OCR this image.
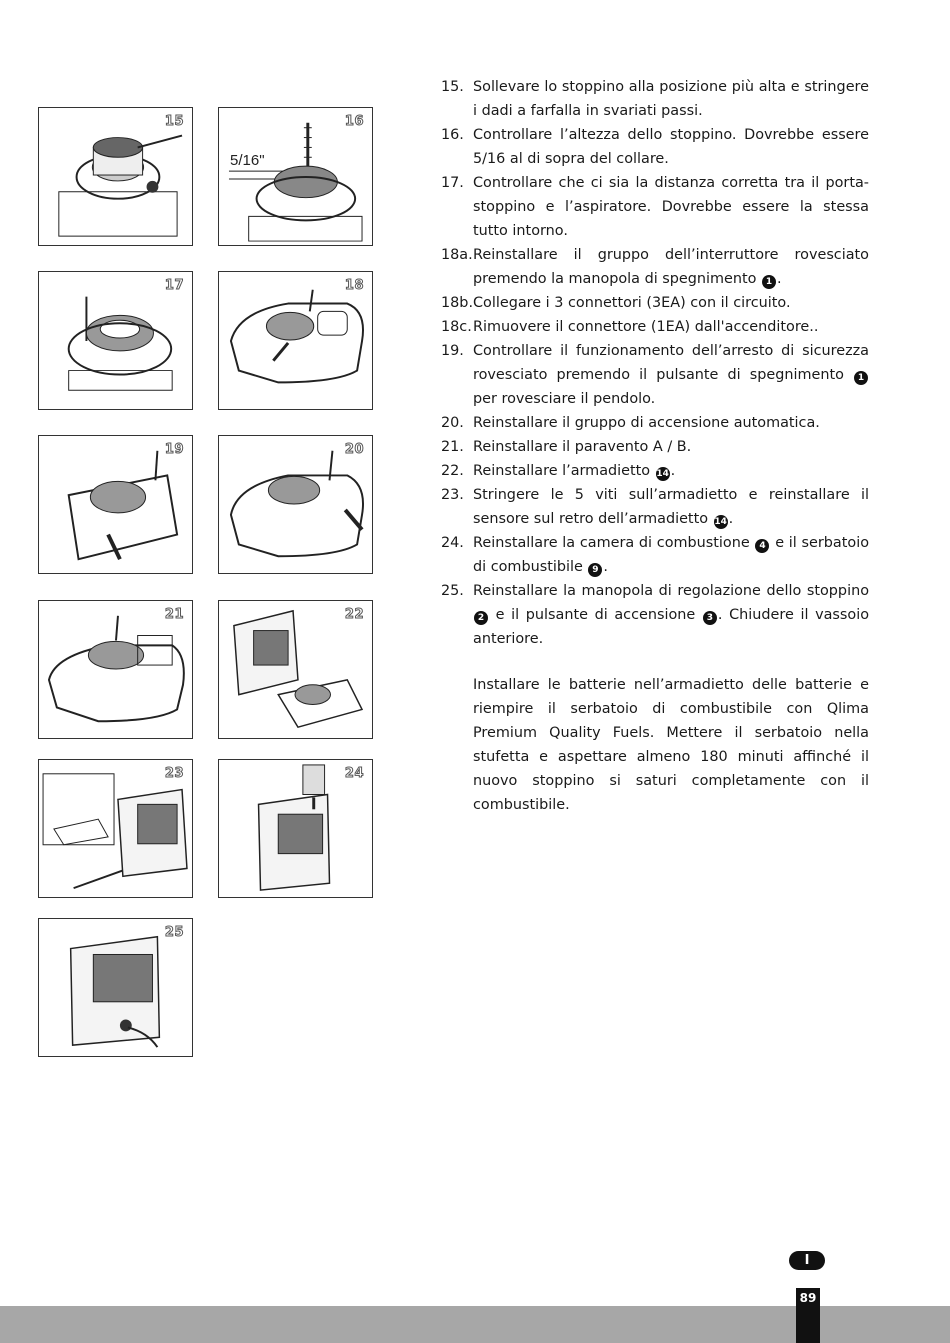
15
5/16"
16
17	18
19	20
21	22
23	24
25
15. Sollevare lo stoppino alla posizione più alta e stringere i dadi a farfalla in svariati passi.
16. Controllare l’altezza dello stoppino. Dovrebbe essere 5/16 al di sopra del collare.
17. Controllare che ci sia la distanza corretta tra il porta-stoppino e l’aspiratore. Dovrebbe essere la stessa tutto intorno.
18a. Reinstallare il gruppo dell’interruttore rovesciato premendo la manopola di spegnimento 1 .
18b. Collegare i 3 connettori (3EA) con il circuito.
18c. Rimuovere il connettore (1EA) dall'accenditore..
19. Controllare il funzionamento dell’arresto di sicurezza rovesciato premendo il pulsante di spegnimento 1 per rovesciare il pendolo.
20. Reinstallare il gruppo di accensione automatica.
21. Reinstallare il paravento A / B.
22. Reinstallare l’armadietto 14 .
23. Stringere le 5 viti sull’armadietto e reinstallare il sensore sul retro dell’armadietto 14 .
24. Reinstallare la camera di combustione 4 e il serbatoio di combustibile 9 .
25. Reinstallare la manopola di regolazione dello stoppino 2 e il pulsante di accensione 3 . Chiudere il vassoio anteriore.

Installare le batterie nell’armadietto delle batterie e riempire il serbatoio di combustibile con Qlima Premium Quality Fuels. Mettere il serbatoio nella stufetta e aspettare almeno 180 minuti affinché il nuovo stoppino si saturi completamente con il combustibile.

I
89
